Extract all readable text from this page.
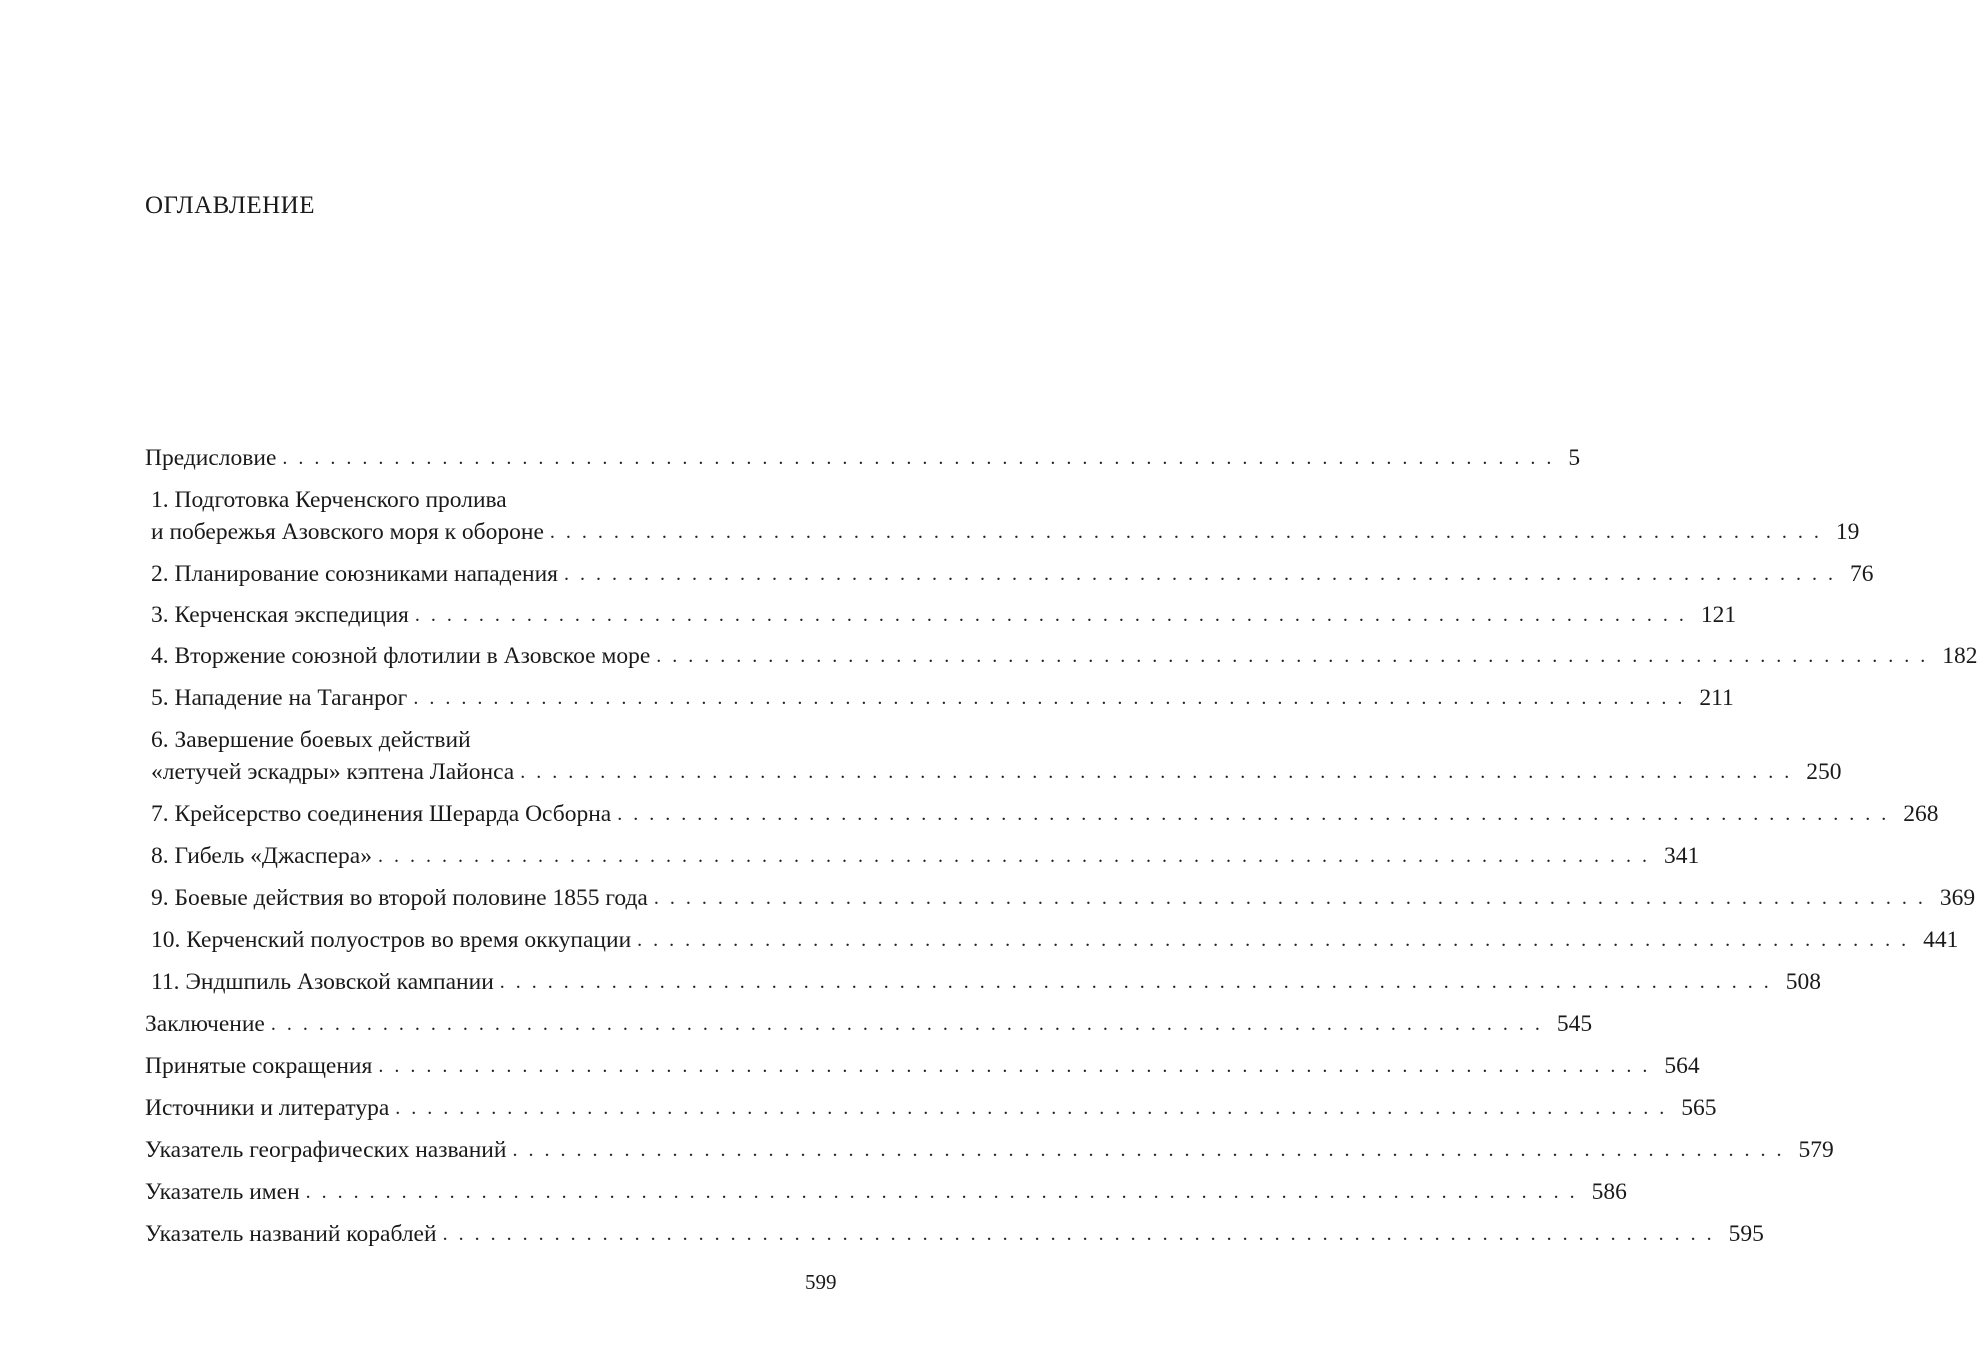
ОГЛАВЛЕНИЕ
Предисловие ................................................................................ 5
1. Подготовка Керченского пролива
и побережья Азовского моря к обороне ................................................................................ 19
2. Планирование союзниками нападения ................................................................................ 76
3. Керченская экспедиция ................................................................................ 121
4. Вторжение союзной флотилии в Азовское море ................................................................................ 182
5. Нападение на Таганрог ................................................................................ 211
6. Завершение боевых действий
«летучей эскадры» кэптена Лайонса ................................................................................ 250
7. Крейсерство соединения Шерарда Осборна ................................................................................ 268
8. Гибель «Джаспера» ................................................................................ 341
9. Боевые действия во второй половине 1855 года ................................................................................ 369
10. Керченский полуостров во время оккупации ................................................................................ 441
11. Эндшпиль Азовской кампании ................................................................................ 508
Заключение ................................................................................ 545
Принятые сокращения ................................................................................ 564
Источники и литература ................................................................................ 565
Указатель географических названий ................................................................................ 579
Указатель имен ................................................................................ 586
Указатель названий кораблей ................................................................................ 595
599
